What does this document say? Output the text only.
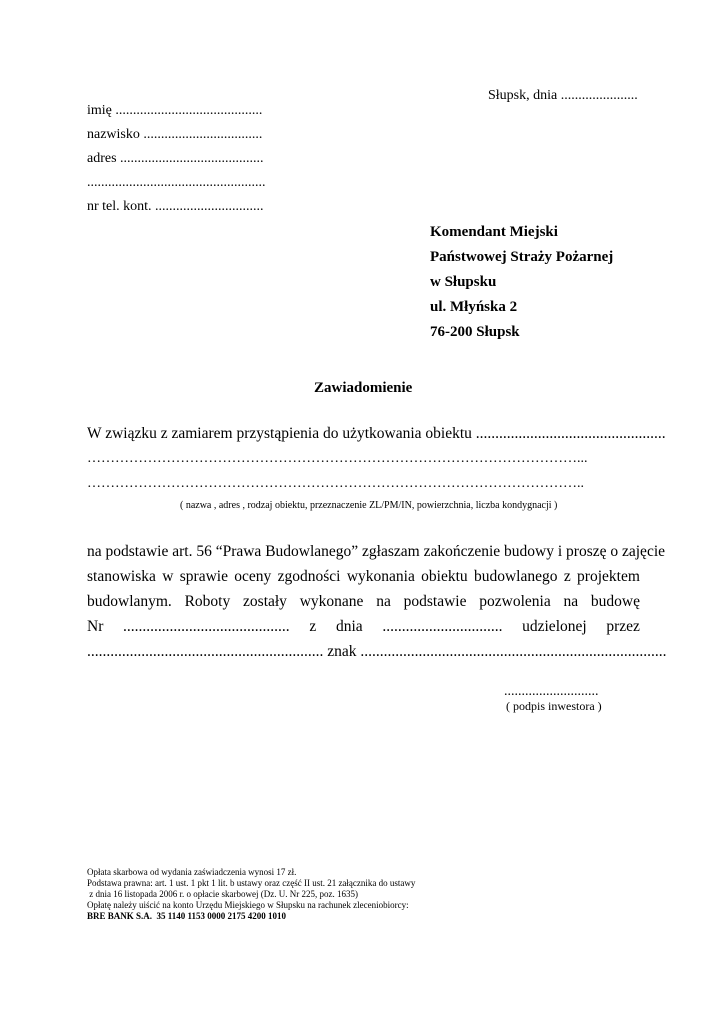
Słupsk, dnia ......................
imię ..........................................
nazwisko ..................................
adres .........................................
...................................................
nr tel. kont. ...............................
Komendant Miejski
Państwowej Straży Pożarnej
w Słupsku
ul. Młyńska 2
76-200 Słupsk
Zawiadomienie
W związku z zamiarem przystąpienia do użytkowania obiektu .................................................
……………………………………………………………………………………………...
……………………………………………………………………………………………..
( nazwa , adres , rodzaj obiektu, przeznaczenie ZL/PM/IN, powierzchnia, liczba kondygnacji )
na podstawie art. 56 “Prawa Budowlanego” zgłaszam zakończenie budowy i proszę o zajęcie
stanowiska w sprawie oceny zgodności wykonania obiektu budowlanego z projektem
budowlanym. Roboty zostały wykonane na podstawie pozwolenia na budowę
Nr ........................................... z dnia ............................... udzielonej przez
............................................................. znak ...............................................................................
...........................
( podpis inwestora )
Opłata skarbowa od wydania zaświadczenia wynosi 17 zł.
Podstawa prawna: art. 1 ust. 1 pkt 1 lit. b ustawy oraz część II ust. 21 załącznika do ustawy
z dnia 16 listopada 2006 r. o opłacie skarbowej (Dz. U. Nr 225, poz. 1635)
Opłatę należy uiścić na konto Urzędu Miejskiego w Słupsku na rachunek zleceniobiorcy:
BRE BANK S.A.  35 1140 1153 0000 2175 4200 1010
